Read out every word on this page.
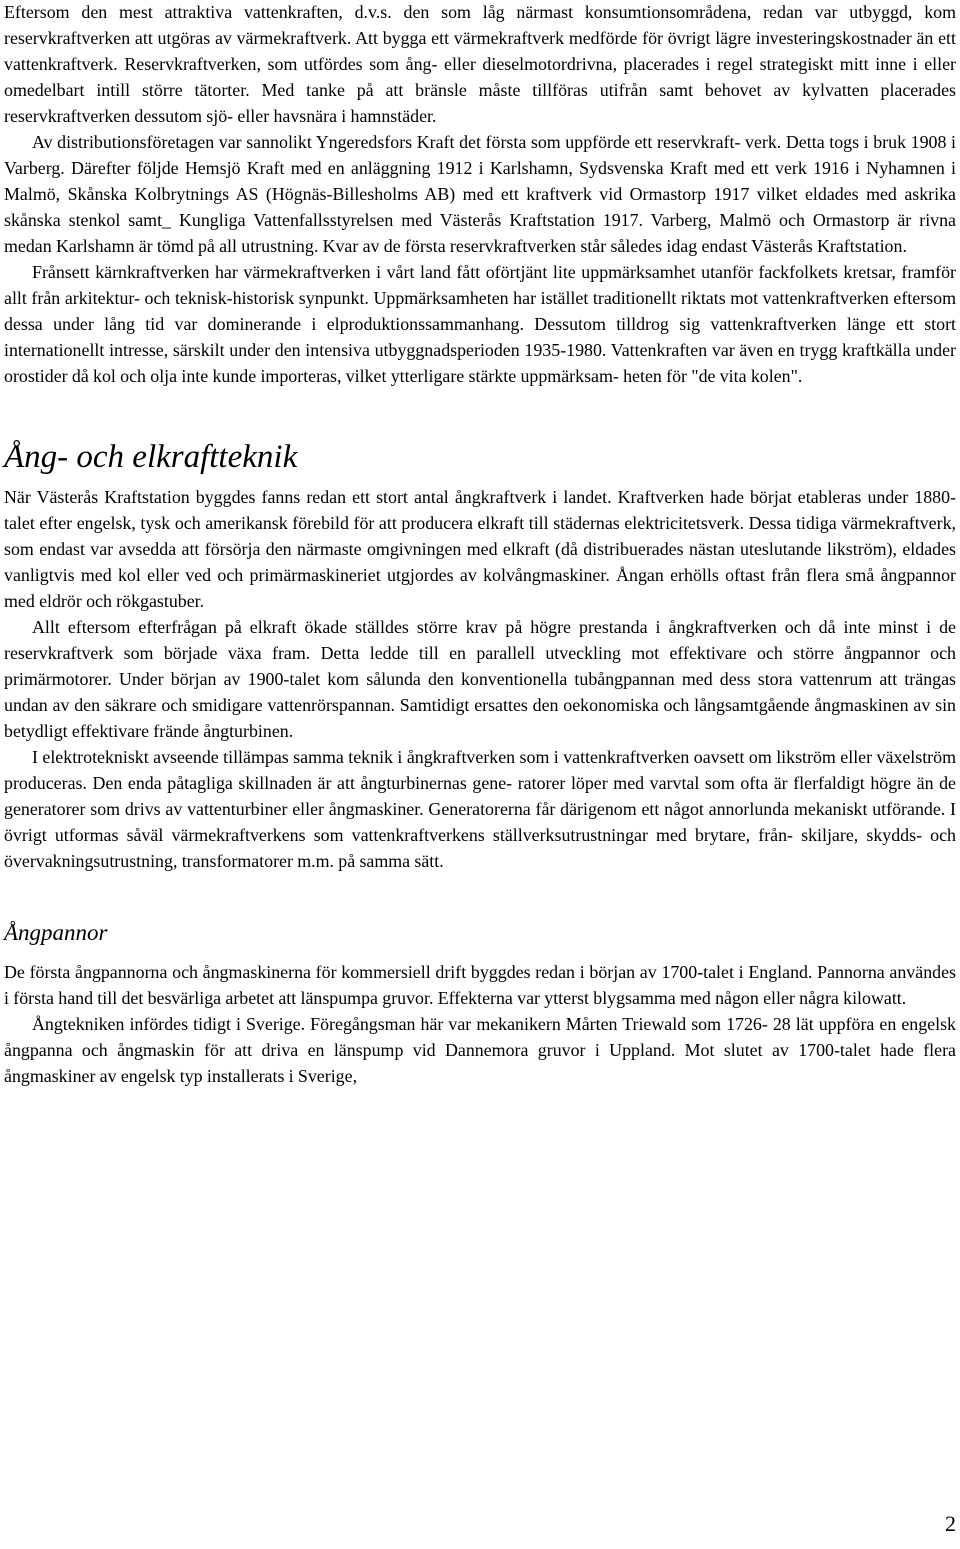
Eftersom den mest attraktiva vattenkraften, d.v.s. den som låg närmast konsumtionsområdena, redan var utbyggd, kom reservkraftverken att utgöras av värmekraftverk. Att bygga ett värmekraftverk medförde för övrigt lägre investeringskostnader än ett vattenkraftverk. Reservkraftverken, som utfördes som ång- eller dieselmotordrivna, placerades i regel strategiskt mitt inne i eller omedelbart intill större tätorter. Med tanke på att bränsle måste tillföras utifrån samt behovet av kylvatten placerades reservkraftverken dessutom sjö- eller havsnära i hamnstäder.

Av distributionsföretagen var sannolikt Yngeredsfors Kraft det första som uppförde ett reservkraft- verk. Detta togs i bruk 1908 i Varberg. Därefter följde Hemsjö Kraft med en anläggning 1912 i Karlshamn, Sydsvenska Kraft med ett verk 1916 i Nyhamnen i Malmö, Skånska Kolbrytnings AS (Högnäs-Billesholms AB) med ett kraftverk vid Ormastorp 1917 vilket eldades med askrika skånska stenkol samt_ Kungliga Vattenfallsstyrelsen med Västerås Kraftstation 1917. Varberg, Malmö och Ormastorp är rivna medan Karlshamn är tömd på all utrustning. Kvar av de första reservkraftverken står således idag endast Västerås Kraftstation.

Frånsett kärnkraftverken har värmekraftverken i vårt land fått oförtjänt lite uppmärksamhet utanför fackfolkets kretsar, framför allt från arkitektur- och teknisk-historisk synpunkt. Uppmärksamheten har istället traditionellt riktats mot vattenkraftverken eftersom dessa under lång tid var dominerande i elproduktionssammanhang. Dessutom tilldrog sig vattenkraftverken länge ett stort internationellt intresse, särskilt under den intensiva utbyggnadsperioden 1935-1980. Vattenkraften var även en trygg kraftkälla under orostider då kol och olja inte kunde importeras, vilket ytterligare stärkte uppmärksam- heten för "de vita kolen".

Ång- och elkraftteknik

När Västerås Kraftstation byggdes fanns redan ett stort antal ångkraftverk i landet. Kraftverken hade börjat etableras under 1880-talet efter engelsk, tysk och amerikansk förebild för att producera elkraft till städernas elektricitetsverk. Dessa tidiga värmekraftverk, som endast var avsedda att försörja den närmaste omgivningen med elkraft (då distribuerades nästan uteslutande likström), eldades vanligtvis med kol eller ved och primärmaskineriet utgjordes av kolvångmaskiner. Ångan erhölls oftast från flera små ångpannor med eldrör och rökgastuber.

Allt eftersom efterfrågan på elkraft ökade ställdes större krav på högre prestanda i ångkraftverken och då inte minst i de reservkraftverk som började växa fram. Detta ledde till en parallell utveckling mot effektivare och större ångpannor och primärmotorer. Under början av 1900-talet kom sålunda den konventionella tubångpannan med dess stora vattenrum att trängas undan av den säkrare och smidigare vattenrörspannan. Samtidigt ersattes den oekonomiska och långsamtgående ångmaskinen av sin betydligt effektivare frände ångturbinen.

I elektrotekniskt avseende tillämpas samma teknik i ångkraftverken som i vattenkraftverken oavsett om likström eller växelström produceras. Den enda påtagliga skillnaden är att ångturbinernas gene- ratorer löper med varvtal som ofta är flerfaldigt högre än de generatorer som drivs av vattenturbiner eller ångmaskiner. Generatorerna får därigenom ett något annorlunda mekaniskt utförande. I övrigt utformas såväl värmekraftverkens som vattenkraftverkens ställverksutrustningar med brytare, från- skiljare, skydds- och övervakningsutrustning, transformatorer m.m. på samma sätt.

Ångpannor

De första ångpannorna och ångmaskinerna för kommersiell drift byggdes redan i början av 1700-talet i England. Pannorna användes i första hand till det besvärliga arbetet att länspumpa gruvor. Effekterna var ytterst blygsamma med någon eller några kilowatt.

Ångtekniken infördes tidigt i Sverige. Föregångsman här var mekanikern Mårten Triewald som 1726- 28 lät uppföra en engelsk ångpanna och ångmaskin för att driva en länspump vid Dannemora gruvor i Uppland. Mot slutet av 1700-talet hade flera ångmaskiner av engelsk typ installerats i Sverige,

2
